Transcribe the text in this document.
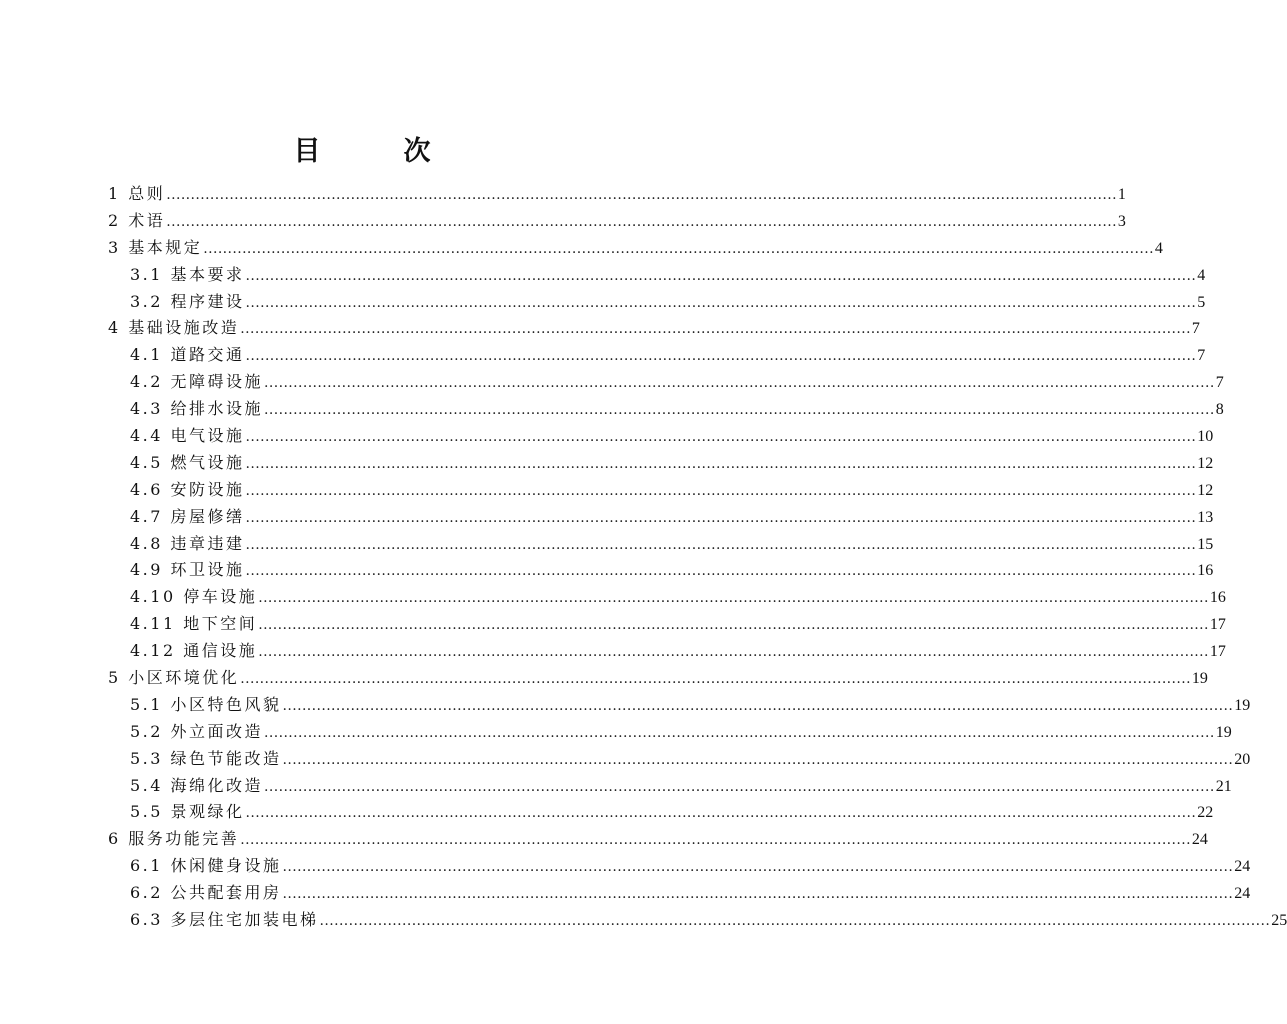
目　次
1 总则 .................................................................................................................................................................................................... 1
2 术语 .................................................................................................................................................................................................... 3
3 基本规定 .................................................................................................................................................................................................... 4
3.1 基本要求 .................................................................................................................................................................................................... 4
3.2 程序建设 .................................................................................................................................................................................................... 5
4 基础设施改造 .................................................................................................................................................................................................... 7
4.1 道路交通 .................................................................................................................................................................................................... 7
4.2 无障碍设施 .................................................................................................................................................................................................... 7
4.3 给排水设施 .................................................................................................................................................................................................... 8
4.4 电气设施 .................................................................................................................................................................................................... 10
4.5 燃气设施 .................................................................................................................................................................................................... 12
4.6 安防设施 .................................................................................................................................................................................................... 12
4.7 房屋修缮 .................................................................................................................................................................................................... 13
4.8 违章违建 .................................................................................................................................................................................................... 15
4.9 环卫设施 .................................................................................................................................................................................................... 16
4.10 停车设施 .................................................................................................................................................................................................... 16
4.11 地下空间 .................................................................................................................................................................................................... 17
4.12 通信设施 .................................................................................................................................................................................................... 17
5 小区环境优化 .................................................................................................................................................................................................... 19
5.1 小区特色风貌 .................................................................................................................................................................................................... 19
5.2 外立面改造 .................................................................................................................................................................................................... 19
5.3 绿色节能改造 .................................................................................................................................................................................................... 20
5.4 海绵化改造 .................................................................................................................................................................................................... 21
5.5 景观绿化 .................................................................................................................................................................................................... 22
6 服务功能完善 .................................................................................................................................................................................................... 24
6.1 休闲健身设施 .................................................................................................................................................................................................... 24
6.2 公共配套用房 .................................................................................................................................................................................................... 24
6.3 多层住宅加装电梯 .................................................................................................................................................................................................... 25
